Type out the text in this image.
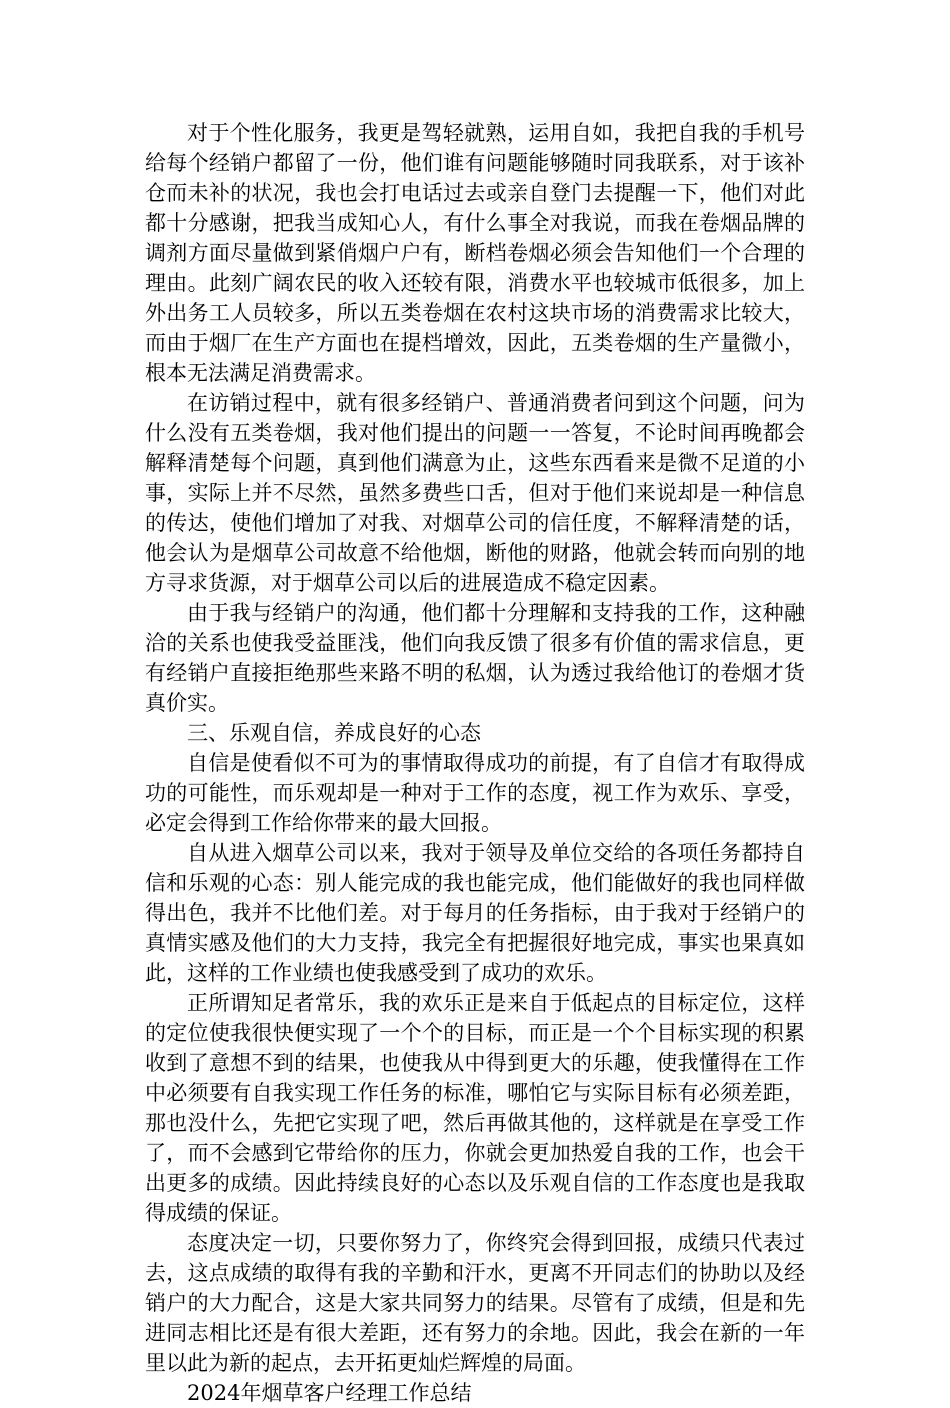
对于个性化服务，我更是驾轻就熟，运用自如，我把自我的手机号给每个经销户都留了一份，他们谁有问题能够随时同我联系，对于该补仓而未补的状况，我也会打电话过去或亲自登门去提醒一下，他们对此都十分感谢，把我当成知心人，有什么事全对我说，而我在卷烟品牌的调剂方面尽量做到紧俏烟户户有，断档卷烟必须会告知他们一个合理的理由。此刻广阔农民的收入还较有限，消费水平也较城市低很多，加上外出务工人员较多，所以五类卷烟在农村这块市场的消费需求比较大，而由于烟厂在生产方面也在提档增效，因此，五类卷烟的生产量微小，根本无法满足消费需求。

在访销过程中，就有很多经销户、普通消费者问到这个问题，问为什么没有五类卷烟，我对他们提出的问题一一答复，不论时间再晚都会解释清楚每个问题，真到他们满意为止，这些东西看来是微不足道的小事，实际上并不尽然，虽然多费些口舌，但对于他们来说却是一种信息的传达，使他们增加了对我、对烟草公司的信任度，不解释清楚的话，他会认为是烟草公司故意不给他烟，断他的财路，他就会转而向别的地方寻求货源，对于烟草公司以后的进展造成不稳定因素。

由于我与经销户的沟通，他们都十分理解和支持我的工作，这种融洽的关系也使我受益匪浅，他们向我反馈了很多有价值的需求信息，更有经销户直接拒绝那些来路不明的私烟，认为透过我给他订的卷烟才货真价实。

三、乐观自信，养成良好的心态

自信是使看似不可为的事情取得成功的前提，有了自信才有取得成功的可能性，而乐观却是一种对于工作的态度，视工作为欢乐、享受，必定会得到工作给你带来的最大回报。

自从进入烟草公司以来，我对于领导及单位交给的各项任务都持自信和乐观的心态：别人能完成的我也能完成，他们能做好的我也同样做得出色，我并不比他们差。对于每月的任务指标，由于我对于经销户的真情实感及他们的大力支持，我完全有把握很好地完成，事实也果真如此，这样的工作业绩也使我感受到了成功的欢乐。

正所谓知足者常乐，我的欢乐正是来自于低起点的目标定位，这样的定位使我很快便实现了一个个的目标，而正是一个个目标实现的积累收到了意想不到的结果，也使我从中得到更大的乐趣，使我懂得在工作中必须要有自我实现工作任务的标准，哪怕它与实际目标有必须差距，那也没什么，先把它实现了吧，然后再做其他的，这样就是在享受工作了，而不会感到它带给你的压力，你就会更加热爱自我的工作，也会干出更多的成绩。因此持续良好的心态以及乐观自信的工作态度也是我取得成绩的保证。

态度决定一切，只要你努力了，你终究会得到回报，成绩只代表过去，这点成绩的取得有我的辛勤和汗水，更离不开同志们的协助以及经销户的大力配合，这是大家共同努力的结果。尽管有了成绩，但是和先进同志相比还是有很大差距，还有努力的余地。因此，我会在新的一年里以此为新的起点，去开拓更灿烂辉煌的局面。

2024年烟草客户经理工作总结
